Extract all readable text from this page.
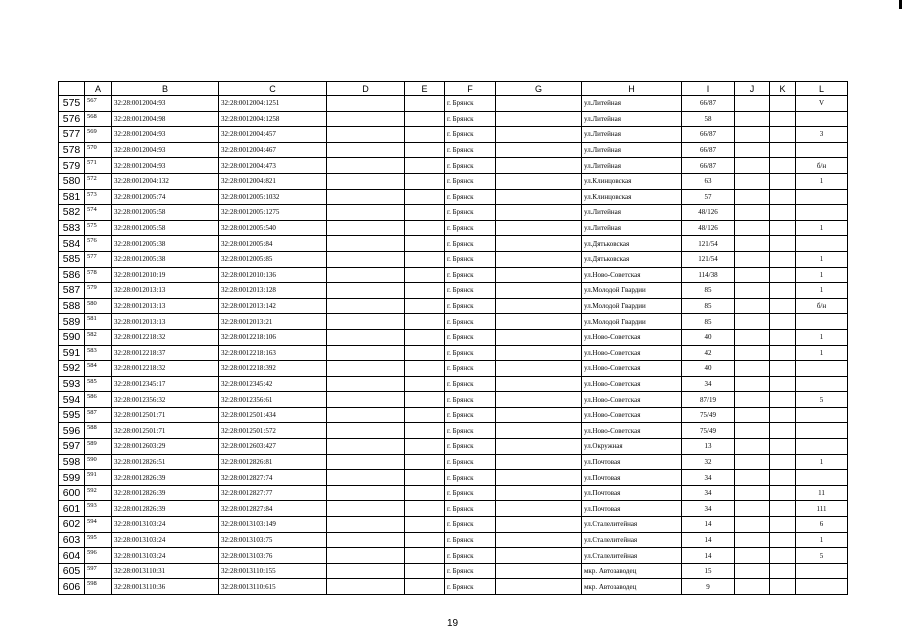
	A	B	C	D	E	F	G	H	I	J	K	L
575	567	32:28:0012004:93	32:28:0012004:1251			г. Брянск		ул.Литейная	66/87			V
576	568	32:28:0012004:98	32:28:0012004:1258			г. Брянск		ул.Литейная	58			
577	569	32:28:0012004:93	32:28:0012004:457			г. Брянск		ул.Литейная	66/87			3
578	570	32:28:0012004:93	32:28:0012004:467			г. Брянск		ул.Литейная	66/87			
579	571	32:28:0012004:93	32:28:0012004:473			г. Брянск		ул.Литейная	66/87			б/н
580	572	32:28:0012004:132	32:28:0012004:821			г. Брянск		ул.Клинцовская	63			1
581	573	32:28:0012005:74	32:28:0012005:1032			г. Брянск		ул.Клинцовская	57			
582	574	32:28:0012005:58	32:28:0012005:1275			г. Брянск		ул.Литейная	48/126			
583	575	32:28:0012005:58	32:28:0012005:540			г. Брянск		ул.Литейная	48/126			1
584	576	32:28:0012005:38	32:28:0012005:84			г. Брянск		ул.Дятьковская	121/54			
585	577	32:28:0012005:38	32:28:0012005:85			г. Брянск		ул.Дятьковская	121/54			1
586	578	32:28:0012010:19	32:28:0012010:136			г. Брянск		ул.Ново-Советская	114/38			1
587	579	32:28:0012013:13	32:28:0012013:128			г. Брянск		ул.Молодой Гвардии	85			1
588	580	32:28:0012013:13	32:28:0012013:142			г. Брянск		ул.Молодой Гвардии	85			б/н
589	581	32:28:0012013:13	32:28:0012013:21			г. Брянск		ул.Молодой Гвардии	85			
590	582	32:28:0012218:32	32:28:0012218:106			г. Брянск		ул.Ново-Советская	40			1
591	583	32:28:0012218:37	32:28:0012218:163			г. Брянск		ул.Ново-Советская	42			1
592	584	32:28:0012218:32	32:28:0012218:392			г. Брянск		ул.Ново-Советская	40			
593	585	32:28:0012345:17	32:28:0012345:42			г. Брянск		ул.Ново-Советская	34			
594	586	32:28:0012356:32	32:28:0012356:61			г. Брянск		ул.Ново-Советская	87/19			5
595	587	32:28:0012501:71	32:28:0012501:434			г. Брянск		ул.Ново-Советская	75/49			
596	588	32:28:0012501:71	32:28:0012501:572			г. Брянск		ул.Ново-Советская	75/49			
597	589	32:28:0012603:29	32:28:0012603:427			г. Брянск		ул.Окружная	13			
598	590	32:28:0012826:51	32:28:0012826:81			г. Брянск		ул.Почтовая	32			1
599	591	32:28:0012826:39	32:28:0012827:74			г. Брянск		ул.Почтовая	34			
600	592	32:28:0012826:39	32:28:0012827:77			г. Брянск		ул.Почтовая	34			11
601	593	32:28:0012826:39	32:28:0012827:84			г. Брянск		ул.Почтовая	34			111
602	594	32:28:0013103:24	32:28:0013103:149			г. Брянск		ул.Сталелитейная	14			6
603	595	32:28:0013103:24	32:28:0013103:75			г. Брянск		ул.Сталелитейная	14			1
604	596	32:28:0013103:24	32:28:0013103:76			г. Брянск		ул.Сталелитейная	14			5
605	597	32:28:0013110:31	32:28:0013110:155			г. Брянск		мкр. Автозаводец	15			
606	598	32:28:0013110:36	32:28:0013110:615			г. Брянск		мкр. Автозаводец	9			
19
